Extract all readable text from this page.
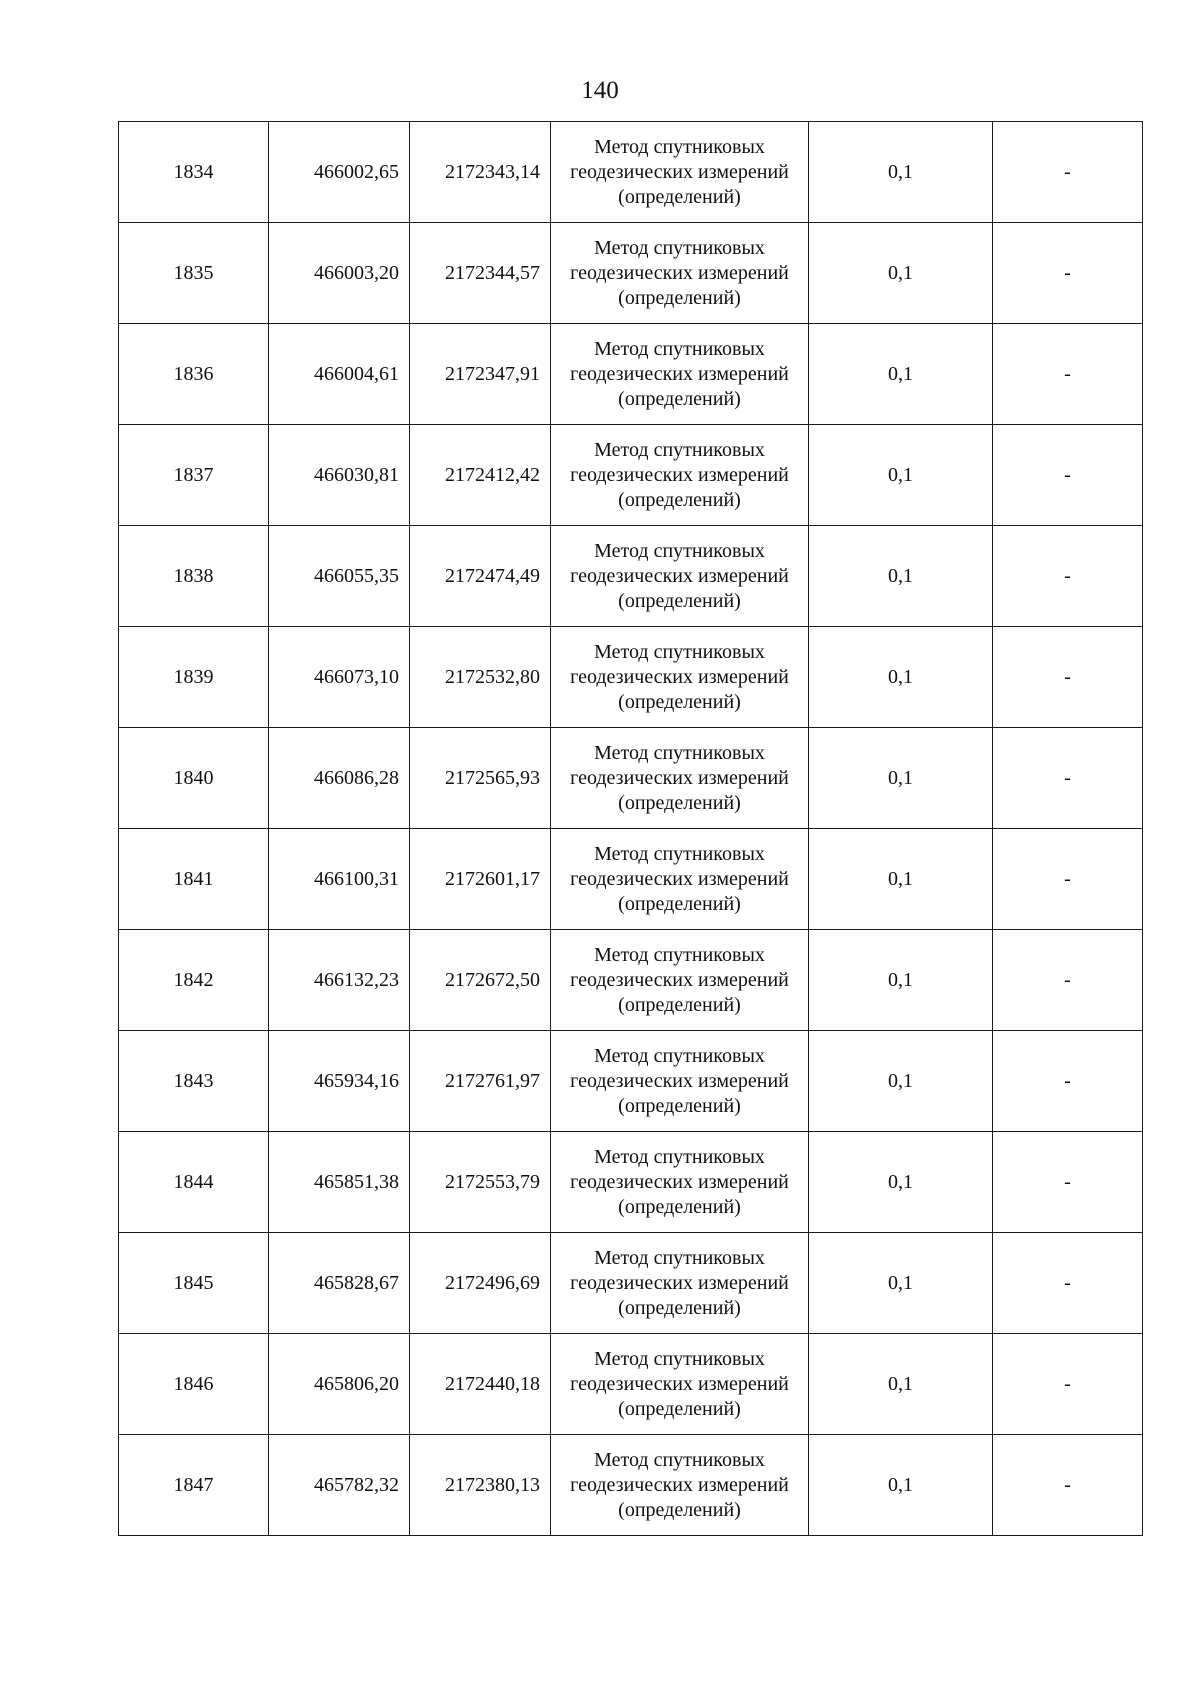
140
1834	466002,65	2172343,14	Метод спутниковых
геодезических измерений
(определений)	0,1	-
1835	466003,20	2172344,57	Метод спутниковых
геодезических измерений
(определений)	0,1	-
1836	466004,61	2172347,91	Метод спутниковых
геодезических измерений
(определений)	0,1	-
1837	466030,81	2172412,42	Метод спутниковых
геодезических измерений
(определений)	0,1	-
1838	466055,35	2172474,49	Метод спутниковых
геодезических измерений
(определений)	0,1	-
1839	466073,10	2172532,80	Метод спутниковых
геодезических измерений
(определений)	0,1	-
1840	466086,28	2172565,93	Метод спутниковых
геодезических измерений
(определений)	0,1	-
1841	466100,31	2172601,17	Метод спутниковых
геодезических измерений
(определений)	0,1	-
1842	466132,23	2172672,50	Метод спутниковых
геодезических измерений
(определений)	0,1	-
1843	465934,16	2172761,97	Метод спутниковых
геодезических измерений
(определений)	0,1	-
1844	465851,38	2172553,79	Метод спутниковых
геодезических измерений
(определений)	0,1	-
1845	465828,67	2172496,69	Метод спутниковых
геодезических измерений
(определений)	0,1	-
1846	465806,20	2172440,18	Метод спутниковых
геодезических измерений
(определений)	0,1	-
1847	465782,32	2172380,13	Метод спутниковых
геодезических измерений
(определений)	0,1	-
